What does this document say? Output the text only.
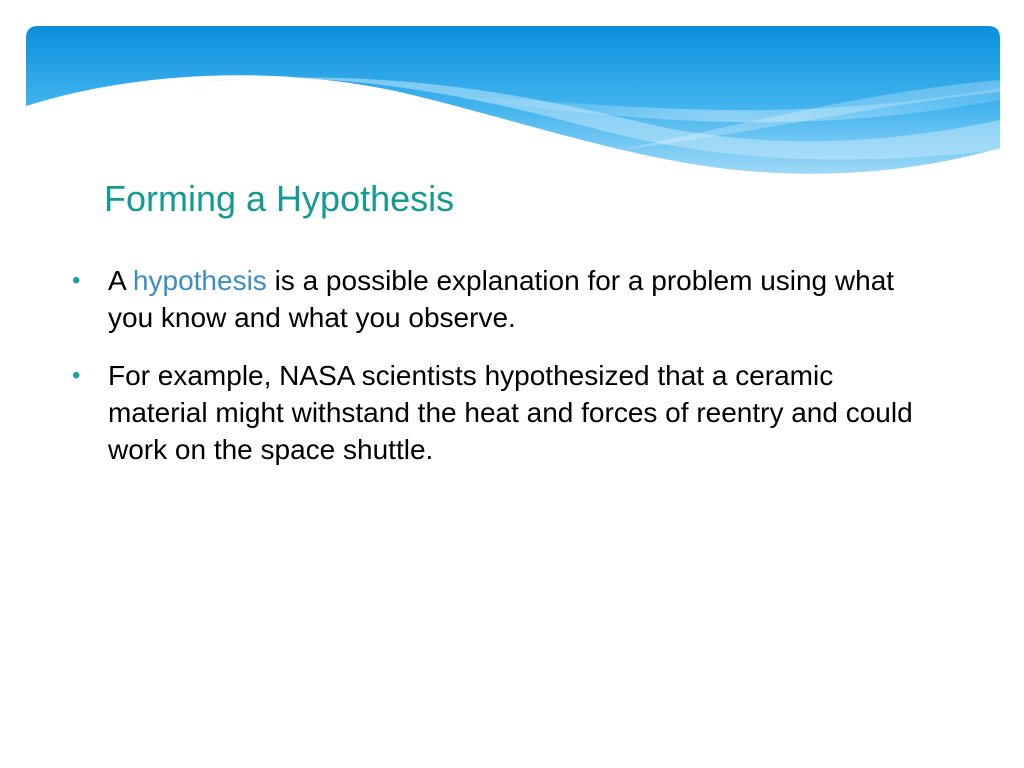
Forming a Hypothesis
• A hypothesis is a possible explanation for a problem using what you know and what you observe.
• For example, NASA scientists hypothesized that a ceramic material might withstand the heat and forces of reentry and could work on the space shuttle.
